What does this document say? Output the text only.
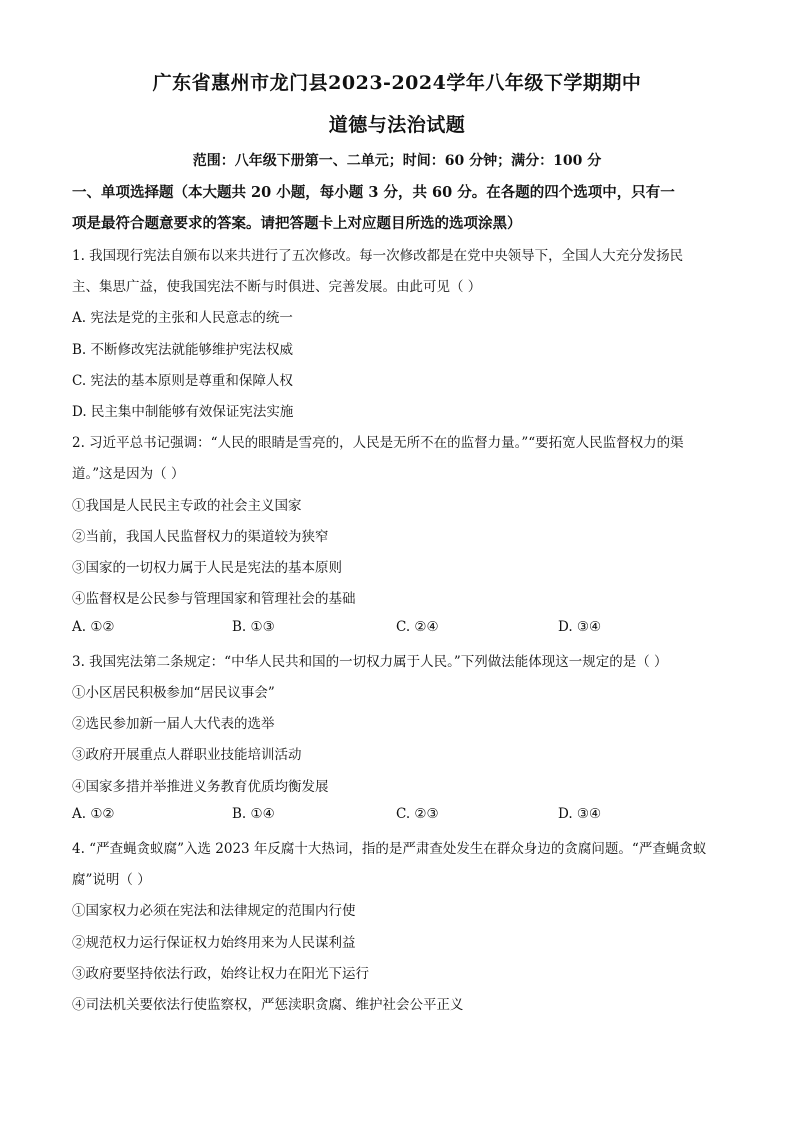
广东省惠州市龙门县2023-2024学年八年级下学期期中
道德与法治试题
范围：八年级下册第一、二单元；时间：60 分钟；满分：100 分
一、单项选择题（本大题共 20 小题，每小题 3 分，共 60 分。在各题的四个选项中，只有一
项是最符合题意要求的答案。请把答题卡上对应题目所选的选项涂黑）
1. 我国现行宪法自颁布以来共进行了五次修改。每一次修改都是在党中央领导下，全国人大充分发扬民
主、集思广益，使我国宪法不断与时俱进、完善发展。由此可见（ ）
A. 宪法是党的主张和人民意志的统一
B. 不断修改宪法就能够维护宪法权威
C. 宪法的基本原则是尊重和保障人权
D. 民主集中制能够有效保证宪法实施
2. 习近平总书记强调：“人民的眼睛是雪亮的，人民是无所不在的监督力量。”“要拓宽人民监督权力的渠
道。”这是因为（ ）
①我国是人民民主专政的社会主义国家
②当前，我国人民监督权力的渠道较为狭窄
③国家的一切权力属于人民是宪法的基本原则
④监督权是公民参与管理国家和管理社会的基础
A. ①②	B. ①③	C. ②④	D. ③④
3. 我国宪法第二条规定：“中华人民共和国的一切权力属于人民。”下列做法能体现这一规定的是（ ）
①小区居民积极参加“居民议事会”
②选民参加新一届人大代表的选举
③政府开展重点人群职业技能培训活动
④国家多措并举推进义务教育优质均衡发展
A. ①②	B. ①④	C. ②③	D. ③④
4. “严查蝇贪蚁腐”入选 2023 年反腐十大热词，指的是严肃查处发生在群众身边的贪腐问题。“严查蝇贪蚁
腐”说明（ ）
①国家权力必须在宪法和法律规定的范围内行使
②规范权力运行保证权力始终用来为人民谋利益
③政府要坚持依法行政，始终让权力在阳光下运行
④司法机关要依法行使监察权，严惩渎职贪腐、维护社会公平正义
